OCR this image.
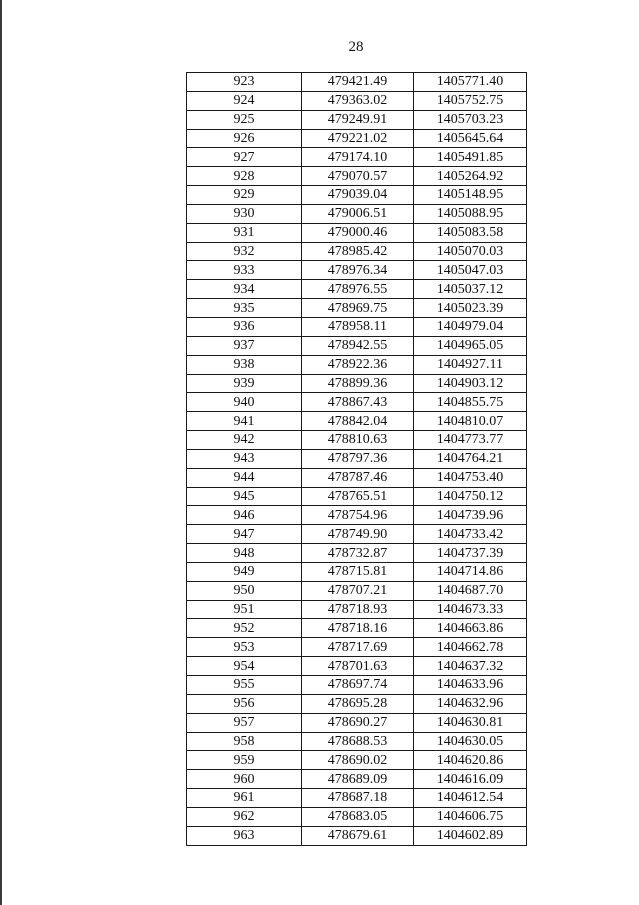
28
923	479421.49	1405771.40
924	479363.02	1405752.75
925	479249.91	1405703.23
926	479221.02	1405645.64
927	479174.10	1405491.85
928	479070.57	1405264.92
929	479039.04	1405148.95
930	479006.51	1405088.95
931	479000.46	1405083.58
932	478985.42	1405070.03
933	478976.34	1405047.03
934	478976.55	1405037.12
935	478969.75	1405023.39
936	478958.11	1404979.04
937	478942.55	1404965.05
938	478922.36	1404927.11
939	478899.36	1404903.12
940	478867.43	1404855.75
941	478842.04	1404810.07
942	478810.63	1404773.77
943	478797.36	1404764.21
944	478787.46	1404753.40
945	478765.51	1404750.12
946	478754.96	1404739.96
947	478749.90	1404733.42
948	478732.87	1404737.39
949	478715.81	1404714.86
950	478707.21	1404687.70
951	478718.93	1404673.33
952	478718.16	1404663.86
953	478717.69	1404662.78
954	478701.63	1404637.32
955	478697.74	1404633.96
956	478695.28	1404632.96
957	478690.27	1404630.81
958	478688.53	1404630.05
959	478690.02	1404620.86
960	478689.09	1404616.09
961	478687.18	1404612.54
962	478683.05	1404606.75
963	478679.61	1404602.89
